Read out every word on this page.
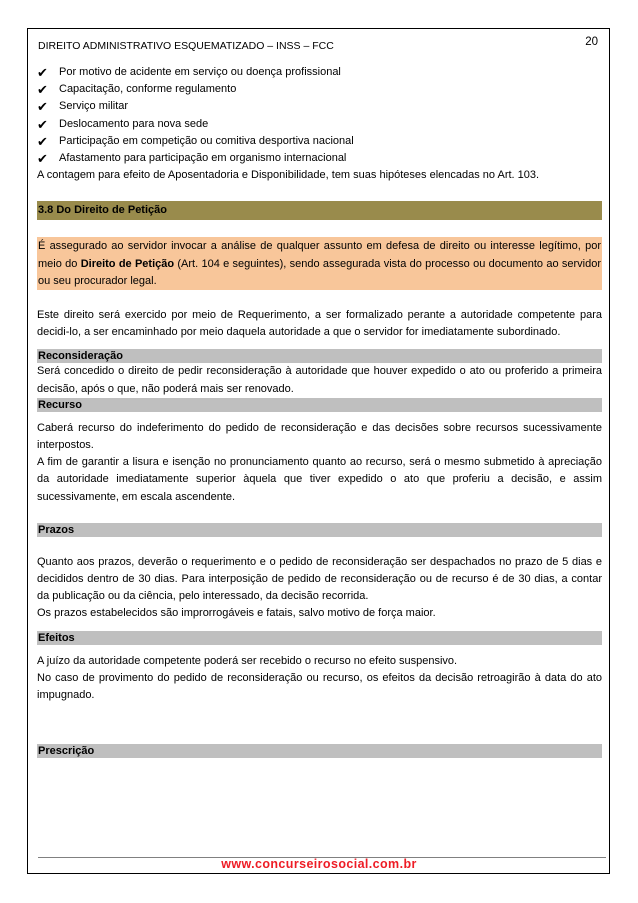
DIREITO ADMINISTRATIVO ESQUEMATIZADO – INSS – FCC	20
✔	Por motivo de acidente em serviço ou doença profissional
✔	Capacitação, conforme regulamento
✔	Serviço militar
✔	Deslocamento para nova sede
✔	Participação em competição ou comitiva desportiva nacional
✔	Afastamento para participação em organismo internacional

A contagem para efeito de Aposentadoria e Disponibilidade, tem suas hipóteses elencadas no Art. 103.

3.8 Do Direito de Petição
É assegurado ao servidor invocar a análise de qualquer assunto em defesa de direito ou interesse legítimo, por meio do Direito de Petição (Art. 104 e seguintes), sendo assegurada vista do processo ou documento ao servidor ou seu procurador legal.

Este direito será exercido por meio de Requerimento, a ser formalizado perante a autoridade competente para decidi-lo, a ser encaminhado por meio daquela autoridade a que o servidor for imediatamente subordinado.

Reconsideração

Será concedido o direito de pedir reconsideração à autoridade que houver expedido o ato ou proferido a primeira decisão, após o que, não poderá mais ser renovado.

Recurso

Caberá recurso do indeferimento do pedido de reconsideração e das decisões sobre recursos sucessivamente interpostos.

A fim de garantir a lisura e isenção no pronunciamento quanto ao recurso, será o mesmo submetido à apreciação da autoridade imediatamente superior àquela que tiver expedido o ato que proferiu a decisão, e assim sucessivamente, em escala ascendente.

Prazos

Quanto aos prazos, deverão o requerimento e o pedido de reconsideração ser despachados no prazo de 5 dias e decididos dentro de 30 dias. Para interposição de pedido de reconsideração ou de recurso é de 30 dias, a contar da publicação ou da ciência, pelo interessado, da decisão recorrida.

Os prazos estabelecidos são improrrogáveis e fatais, salvo motivo de força maior.

Efeitos

A juízo da autoridade competente poderá ser recebido o recurso no efeito suspensivo.

No caso de provimento do pedido de reconsideração ou recurso, os efeitos da decisão retroagirão à data do ato impugnado.

Prescrição
www.concurseirosocial.com.br
